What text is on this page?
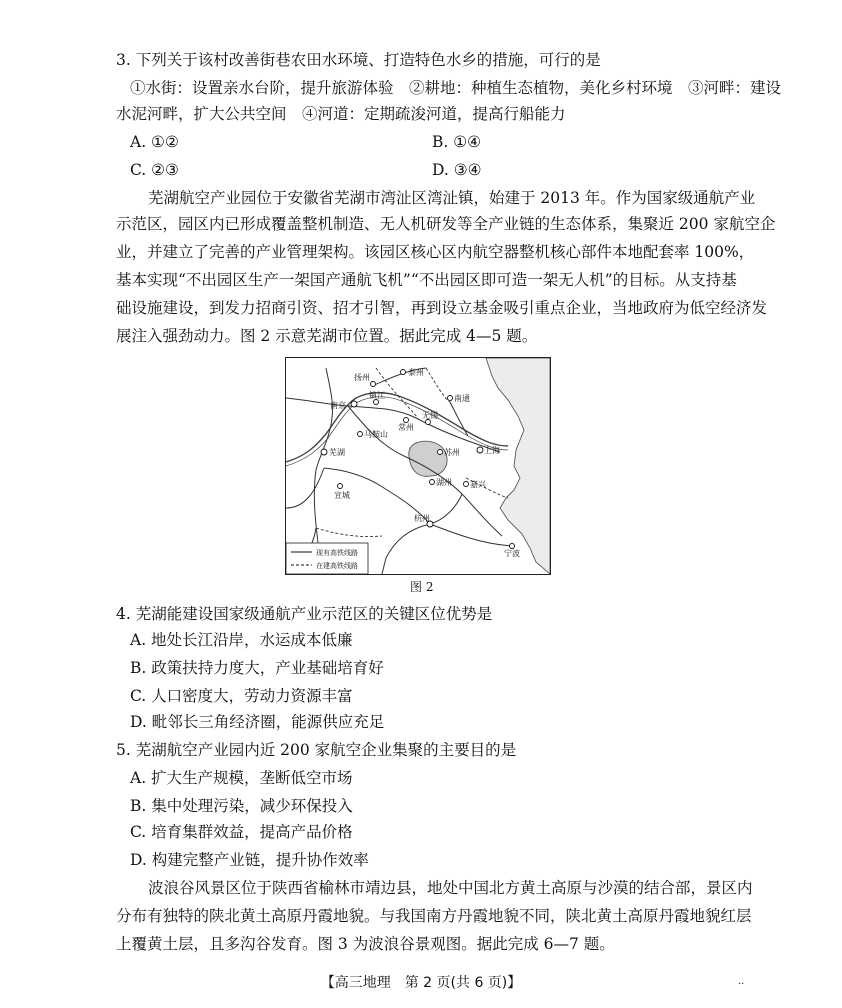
3. 下列关于该村改善街巷农田水环境、打造特色水乡的措施，可行的是
①水街：设置亲水台阶，提升旅游体验　②耕地：种植生态植物，美化乡村环境　③河畔：建设
水泥河畔，扩大公共空间　④河道：定期疏浚河道，提高行船能力
A. ①②	B. ①④
C. ②③	D. ③④
芜湖航空产业园位于安徽省芜湖市湾沚区湾沚镇，始建于 2013 年。作为国家级通航产业
示范区，园区内已形成覆盖整机制造、无人机研发等全产业链的生态体系，集聚近 200 家航空企
业，并建立了完善的产业管理架构。该园区核心区内航空器整机核心部件本地配套率 100%，
基本实现“不出园区生产一架国产通航飞机”“不出园区即可造一架无人机”的目标。从支持基
础设施建设，到发力招商引资、招才引智，再到设立基金吸引重点企业，当地政府为低空经济发
展注入强劲动力。图 2 示意芜湖市位置。据此完成 4—5 题。
泰州
扬州
南京
镇江	南通
常州
无锡
马鞍山
芜湖	苏州	上海
宣城
湖州 嘉兴
杭州
宁波
现有高铁线路
在建高铁线路
图 2
4. 芜湖能建设国家级通航产业示范区的关键区位优势是
A. 地处长江沿岸，水运成本低廉
B. 政策扶持力度大，产业基础培育好
C. 人口密度大，劳动力资源丰富
D. 毗邻长三角经济圈，能源供应充足
5. 芜湖航空产业园内近 200 家航空企业集聚的主要目的是
A. 扩大生产规模，垄断低空市场
B. 集中处理污染，减少环保投入
C. 培育集群效益，提高产品价格
D. 构建完整产业链，提升协作效率
波浪谷风景区位于陕西省榆林市靖边县，地处中国北方黄土高原与沙漠的结合部，景区内
分布有独特的陕北黄土高原丹霞地貌。与我国南方丹霞地貌不同，陕北黄土高原丹霞地貌红层
上覆黄土层，且多沟谷发育。图 3 为波浪谷景观图。据此完成 6—7 题。
【高三地理　第 2 页(共 6 页)】	..
